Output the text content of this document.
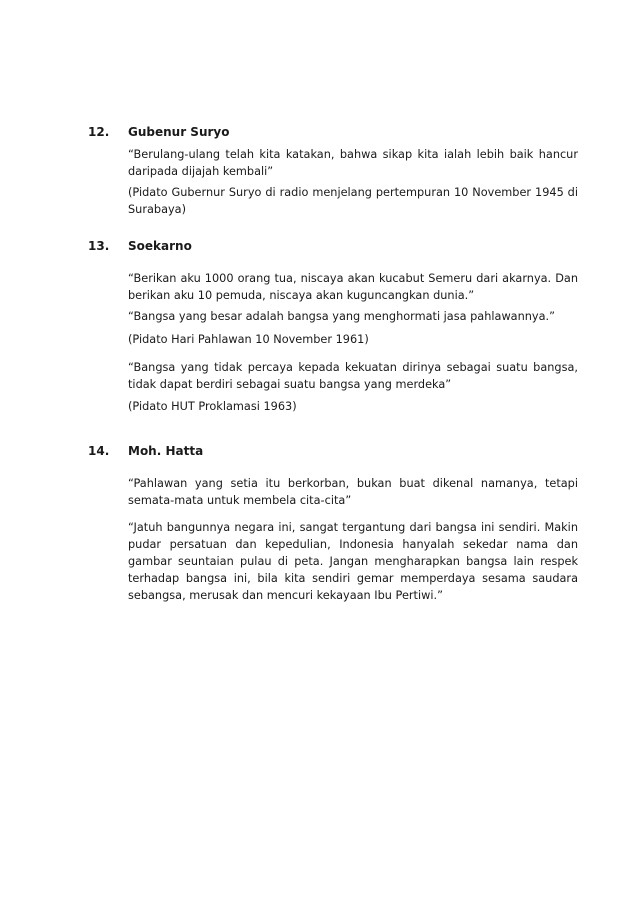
12. Gubenur Suryo

“Berulang-ulang telah kita katakan, bahwa sikap kita ialah lebih baik hancur daripada dijajah kembali”

(Pidato Gubernur Suryo di radio menjelang pertempuran 10 November 1945 di Surabaya)

13. Soekarno

“Berikan aku 1000 orang tua, niscaya akan kucabut Semeru dari akarnya. Dan berikan aku 10 pemuda, niscaya akan kuguncangkan dunia.”

“Bangsa yang besar adalah bangsa yang menghormati jasa pahlawannya.”

(Pidato Hari Pahlawan 10 November 1961)

“Bangsa yang tidak percaya kepada kekuatan dirinya sebagai suatu bangsa, tidak dapat berdiri sebagai suatu bangsa yang merdeka”

(Pidato HUT Proklamasi 1963)

14. Moh. Hatta

“Pahlawan yang setia itu berkorban, bukan buat dikenal namanya, tetapi semata-mata untuk membela cita-cita”

“Jatuh bangunnya negara ini, sangat tergantung dari bangsa ini sendiri. Makin pudar persatuan dan kepedulian, Indonesia hanyalah sekedar nama dan gambar seuntaian pulau di peta. Jangan mengharapkan bangsa lain respek terhadap bangsa ini, bila kita sendiri gemar memperdaya sesama saudara sebangsa, merusak dan mencuri kekayaan Ibu Pertiwi.”
